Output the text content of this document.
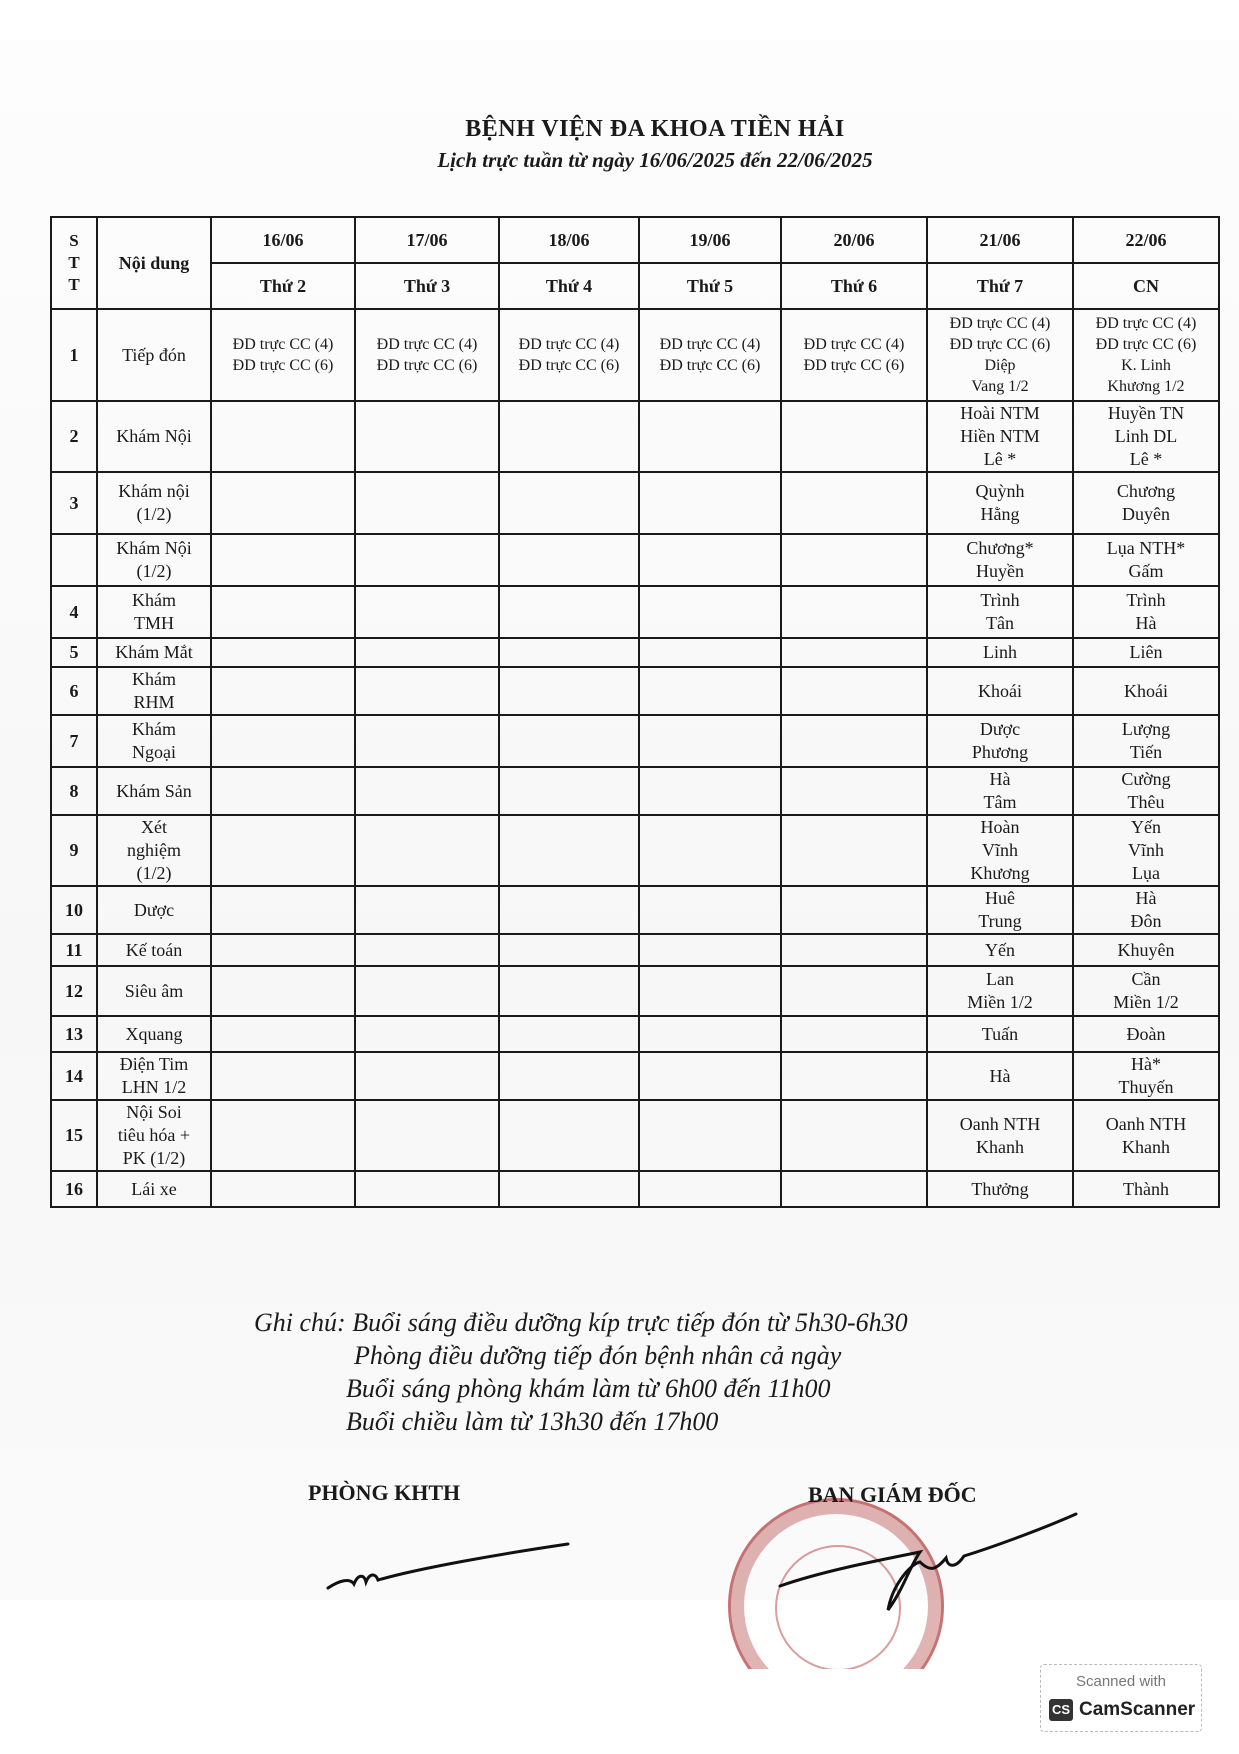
BỆNH VIỆN ĐA KHOA TIỀN HẢI
Lịch trực tuần từ ngày 16/06/2025 đến 22/06/2025
S
T
T	Nội dung	16/06	17/06	18/06	19/06	20/06	21/06	22/06
		Thứ 2	Thứ 3	Thứ 4	Thứ 5	Thứ 6	Thứ 7	CN
1	Tiếp đón	ĐD trực CC (4)
ĐD trực CC (6)	ĐD trực CC (4)
ĐD trực CC (6)	ĐD trực CC (4)
ĐD trực CC (6)	ĐD trực CC (4)
ĐD trực CC (6)	ĐD trực CC (4)
ĐD trực CC (6)	ĐD trực CC (4)
ĐD trực CC (6)
Diệp
Vang 1/2	ĐD trực CC (4)
ĐD trực CC (6)
K. Linh
Khương 1/2

2	Khám Nội						Hoài NTM
Hiền NTM
Lê *	Huyền TN
Linh DL
Lê *

3	Khám nội
(1/2)						Quỳnh
Hằng	Chương
Duyên

	Khám Nội
(1/2)						Chương*
Huyền	Lụa NTH*
Gấm

4	Khám
TMH						Trình
Tân	Trình
Hà

5	Khám Mắt						Linh	Liên

6	Khám
RHM						Khoái	Khoái

7	Khám
Ngoại						Dược
Phương	Lượng
Tiến

8	Khám Sản						Hà
Tâm	Cường
Thêu

9	Xét
nghiệm
(1/2)						Hoàn
Vĩnh
Khương	Yến
Vĩnh
Lụa

10	Dược						Huê
Trung	Hà
Đôn

11	Kế toán						Yến	Khuyên

12	Siêu âm						Lan
Miền 1/2	Cần
Miền 1/2

13	Xquang						Tuấn	Đoàn

14	Điện Tim
LHN 1/2						Hà	Hà*
Thuyến

15	Nội Soi
tiêu hóa +
PK (1/2)						Oanh NTH
Khanh	Oanh NTH
Khanh

16	Lái xe						Thưởng	Thành
Ghi chú: Buổi sáng điều dưỡng kíp trực tiếp đón từ 5h30-6h30
Phòng điều dưỡng tiếp đón bệnh nhân cả ngày
Buổi sáng phòng khám làm từ 6h00 đến 11h00
Buổi chiều làm từ 13h30 đến 17h00
PHÒNG KHTH	BAN GIÁM ĐỐC
Scanned with
CS CamScanner
